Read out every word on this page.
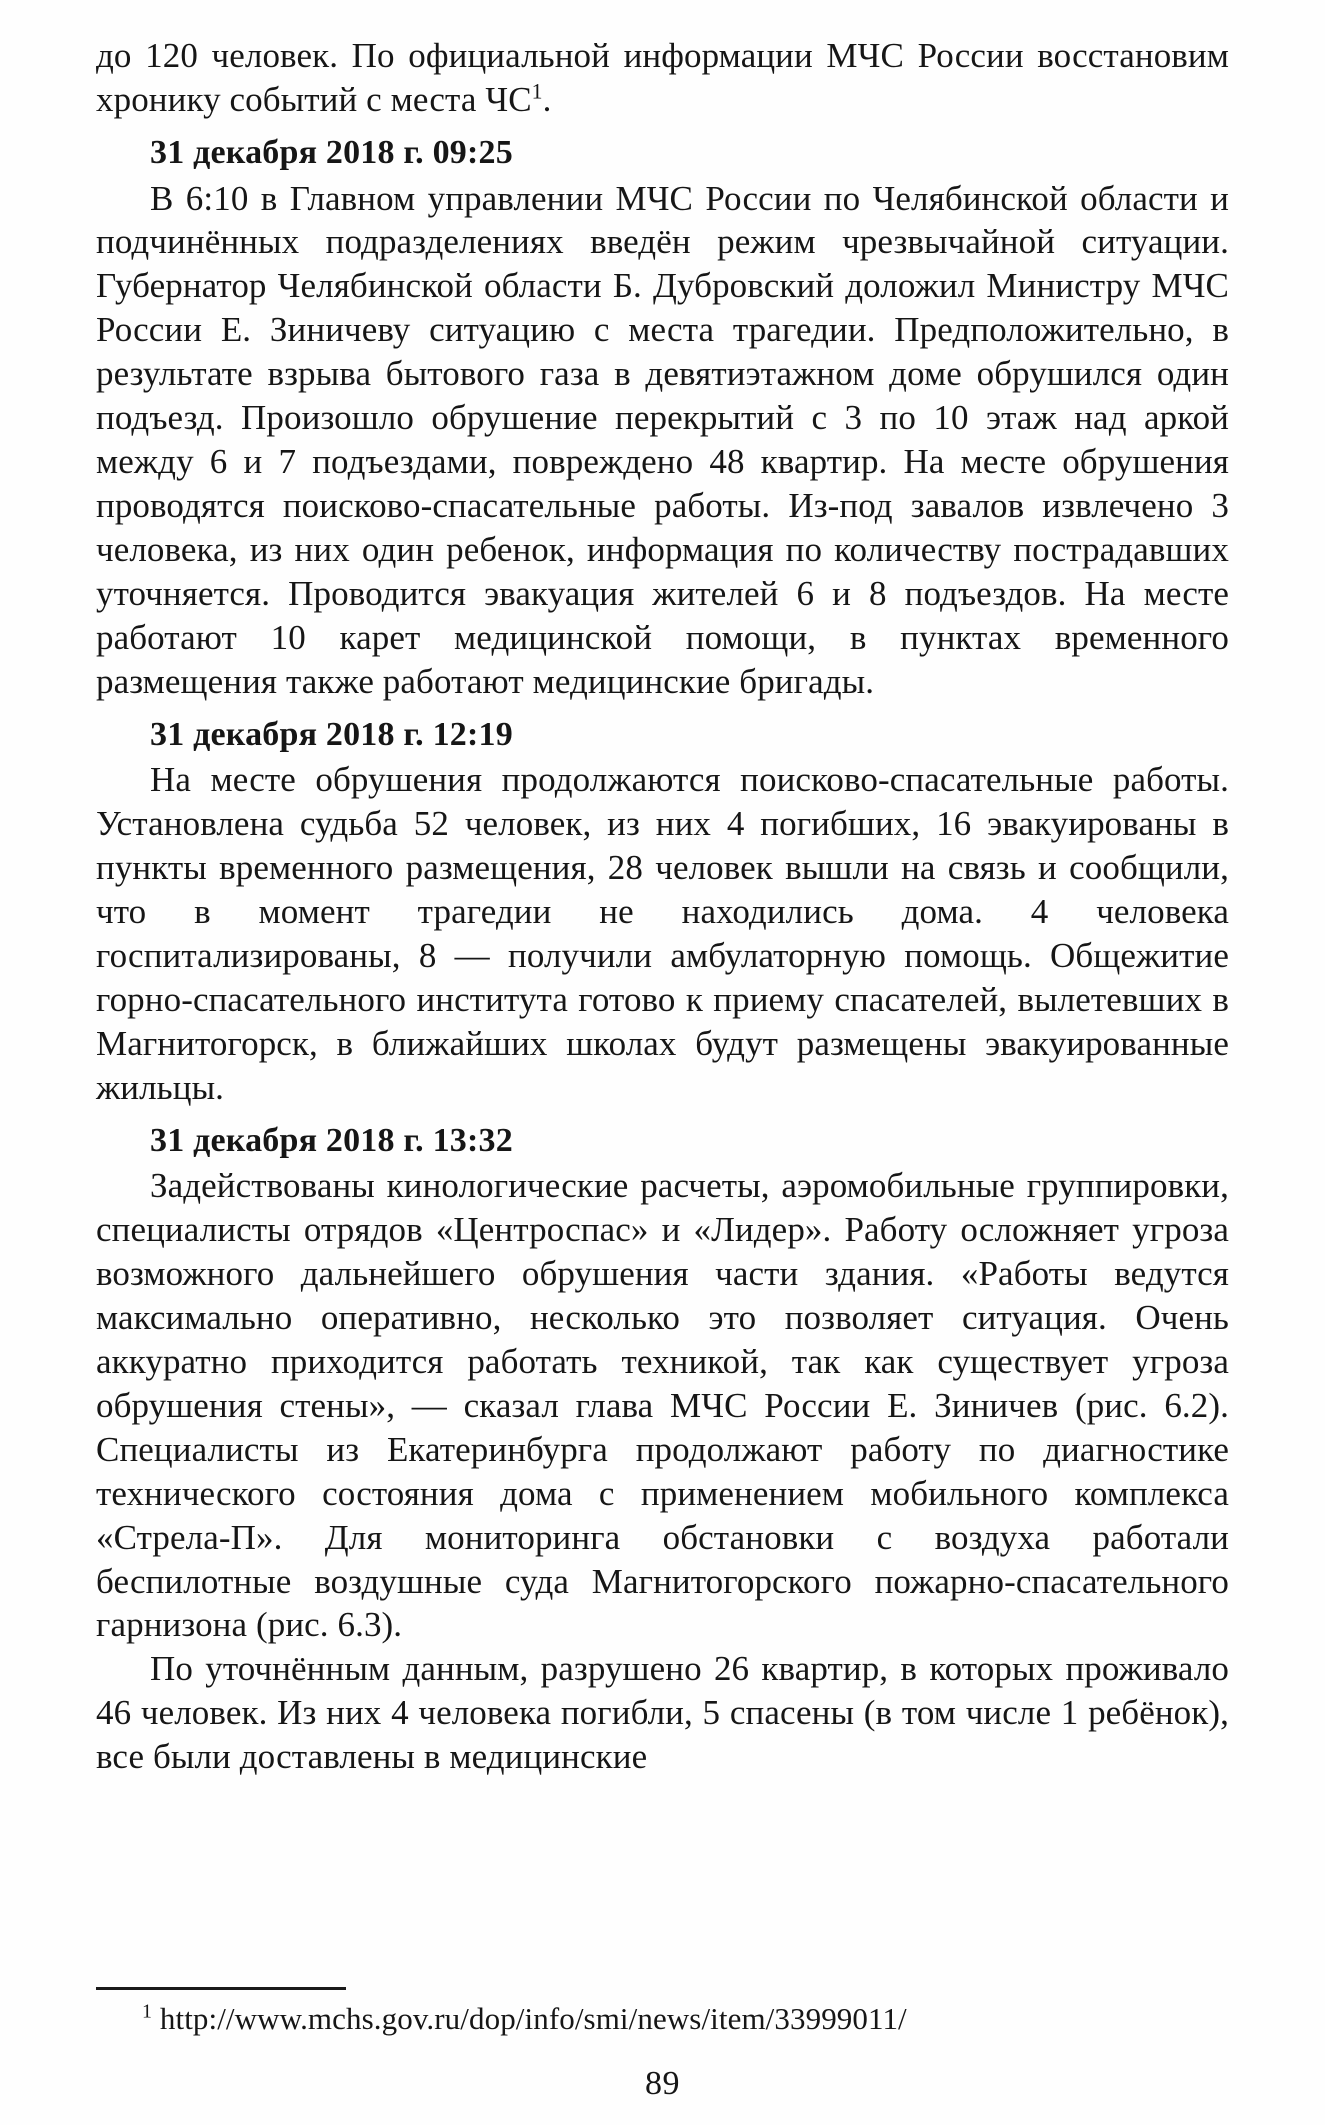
до 120 человек. По официальной информации МЧС России восстановим хронику событий с места ЧС$^1$.

31 декабря 2018 г. 09:25

В 6:10 в Главном управлении МЧС России по Челябинской области и подчинённых подразделениях введён режим чрезвычайной ситуации. Губернатор Челябинской области Б. Дубровский доложил Министру МЧС России Е. Зиничеву ситуацию с места трагедии. Предположительно, в результате взрыва бытового газа в девятиэтажном доме обрушился один подъезд. Произошло обрушение перекрытий с 3 по 10 этаж над аркой между 6 и 7 подъездами, повреждено 48 квартир. На месте обрушения проводятся поисково-спасательные работы. Из-под завалов извлечено 3 человека, из них один ребенок, информация по количеству пострадавших уточняется. Проводится эвакуация жителей 6 и 8 подъездов. На месте работают 10 карет медицинской помощи, в пунктах временного размещения также работают медицинские бригады.

31 декабря 2018 г. 12:19

На месте обрушения продолжаются поисково-спасательные работы. Установлена судьба 52 человек, из них 4 погибших, 16 эвакуированы в пункты временного размещения, 28 человек вышли на связь и сообщили, что в момент трагедии не находились дома. 4 человека госпитализированы, 8 — получили амбулаторную помощь. Общежитие горно-спасательного института готово к приему спасателей, вылетевших в Магнитогорск, в ближайших школах будут размещены эвакуированные жильцы.

31 декабря 2018 г. 13:32

Задействованы кинологические расчеты, аэромобильные группировки, специалисты отрядов «Центроспас» и «Лидер». Работу осложняет угроза возможного дальнейшего обрушения части здания. «Работы ведутся максимально оперативно, несколько это позволяет ситуация. Очень аккуратно приходится работать техникой, так как существует угроза обрушения стены», — сказал глава МЧС России Е. Зиничев (рис. 6.2). Специалисты из Екатеринбурга продолжают работу по диагностике технического состояния дома с применением мобильного комплекса «Стрела-П». Для мониторинга обстановки с воздуха работали беспилотные воздушные суда Магнитогорского пожарно-спасательного гарнизона (рис. 6.3).

По уточнённым данным, разрушено 26 квартир, в которых проживало 46 человек. Из них 4 человека погибли, 5 спасены (в том числе 1 ребёнок), все были доставлены в медицинские

$^1$ http://www.mchs.gov.ru/dop/info/smi/news/item/33999011/
89
